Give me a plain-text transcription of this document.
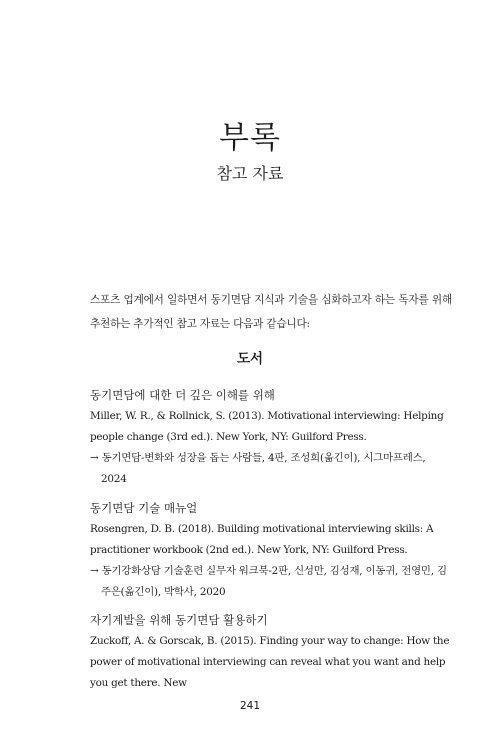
부록
참고 자료

스포츠 업계에서 일하면서 동기면담 지식과 기술을 심화하고자 하는 독자를 위해 추천하는 추가적인 참고 자료는 다음과 같습니다:

도서
동기면담에 대한 더 깊은 이해를 위해

Miller, W. R., & Rollnick, S. (2013). Motivational interviewing: Helping people change (3rd ed.). New York, NY: Guilford Press.

→ 동기면담-변화와 성장을 돕는 사람들, 4판, 조성희(옮긴이), 시그마프레스, 2024

동기면담 기술 매뉴얼

Rosengren, D. B. (2018). Building motivational interviewing skills: A practitioner workbook (2nd ed.). New York, NY: Guilford Press.

→ 동기강화상담 기술훈련 실무자 워크북-2판, 신성만, 김성재, 이동귀, 전영민, 김주은(옮긴이), 박학사, 2020

자기계발을 위해 동기면담 활용하기

Zuckoff, A. & Gorscak, B. (2015). Finding your way to change: How the power of motivational interviewing can reveal what you want and help you get there. New

241
